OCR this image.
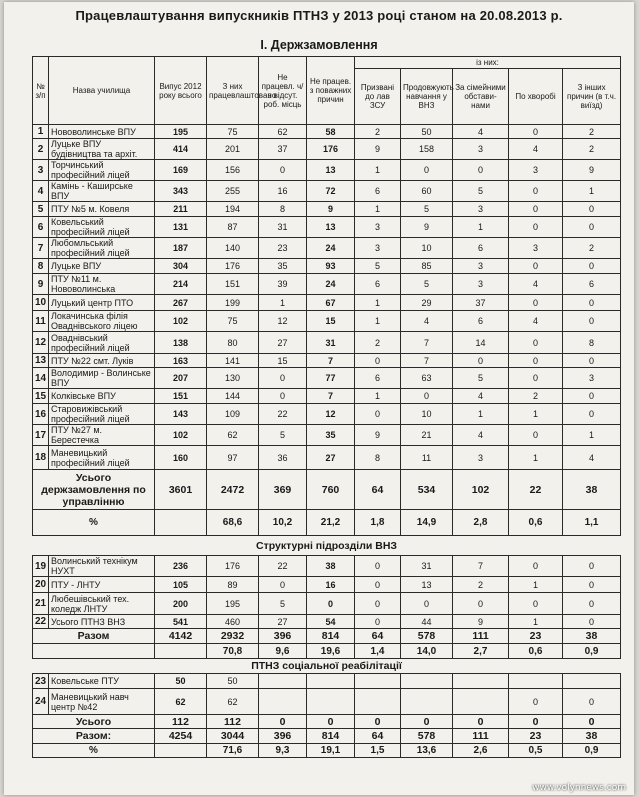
Працевлаштування випускників ПТНЗ у 2013 році станом на 20.08.2013 р.
І. Держзамовлення
№ з/п	Назва училища	Випус 2012 року всього	З них працевлаштовано	Не працевл. ч/з відсут. роб. місць	Не працев. з поважних причин	із них:				
						Призвані до лав ЗСУ	Продовжують навчання у ВНЗ	За сімейними обстави-нами	По хворобі	З інших причин (в т.ч. виїзд)
1	Нововолинське ВПУ	195	75	62	58	2	50	4	0	2
2	Луцьке ВПУ будівництва та архіт.	414	201	37	176	9	158	3	4	2
3	Торчинський професійний ліцей	169	156	0	13	1	0	0	3	9
4	Камінь - Каширське ВПУ	343	255	16	72	6	60	5	0	1
5	ПТУ №5 м. Ковеля	211	194	8	9	1	5	3	0	0
6	Ковельський професійний ліцей	131	87	31	13	3	9	1	0	0
7	Любомльський професійний ліцей	187	140	23	24	3	10	6	3	2
8	Луцьке ВПУ	304	176	35	93	5	85	3	0	0
9	ПТУ №11 м. Нововолинська	214	151	39	24	6	5	3	4	6
10	Луцький центр ПТО	267	199	1	67	1	29	37	0	0
11	Локачинська філія Оваднівського ліцею	102	75	12	15	1	4	6	4	0
12	Оваднівський професійний ліцей	138	80	27	31	2	7	14	0	8
13	ПТУ №22 смт. Луків	163	141	15	7	0	7	0	0	0
14	Володимир - Волинське ВПУ	207	130	0	77	6	63	5	0	3
15	Колківське ВПУ	151	144	0	7	1	0	4	2	0
16	Старовижівський професійний ліцей	143	109	22	12	0	10	1	1	0
17	ПТУ №27 м. Берестечка	102	62	5	35	9	21	4	0	1
18	Маневицький професійний ліцей	160	97	36	27	8	11	3	1	4
Усього держзамовлення по управлінню		3601	2472	369	760	64	534	102	22	38
%			68,6	10,2	21,2	1,8	14,9	2,8	0,6	1,1
Структурні підрозділи ВНЗ										
19	Волинський технікум НУХТ	236	176	22	38	0	31	7	0	0
20	ПТУ - ЛНТУ	105	89	0	16	0	13	2	1	0
21	Любешівський тех. коледж ЛНТУ	200	195	5	0	0	0	0	0	0
22	Усього ПТНЗ ВНЗ	541	460	27	54	0	44	9	1	0
Разом		4142	2932	396	814	64	578	111	23	38
			70,8	9,6	19,6	1,4	14,0	2,7	0,6	0,9
ПТНЗ соціальної реабілітації										
23	Ковельське ПТУ	50	50							
24	Маневицький навч центр №42	62	62						0	0
Усього		112	112	0	0	0	0	0	0	0
Разом:		4254	3044	396	814	64	578	111	23	38
%			71,6	9,3	19,1	1,5	13,6	2,6	0,5	0,9
www.volynnews.com
